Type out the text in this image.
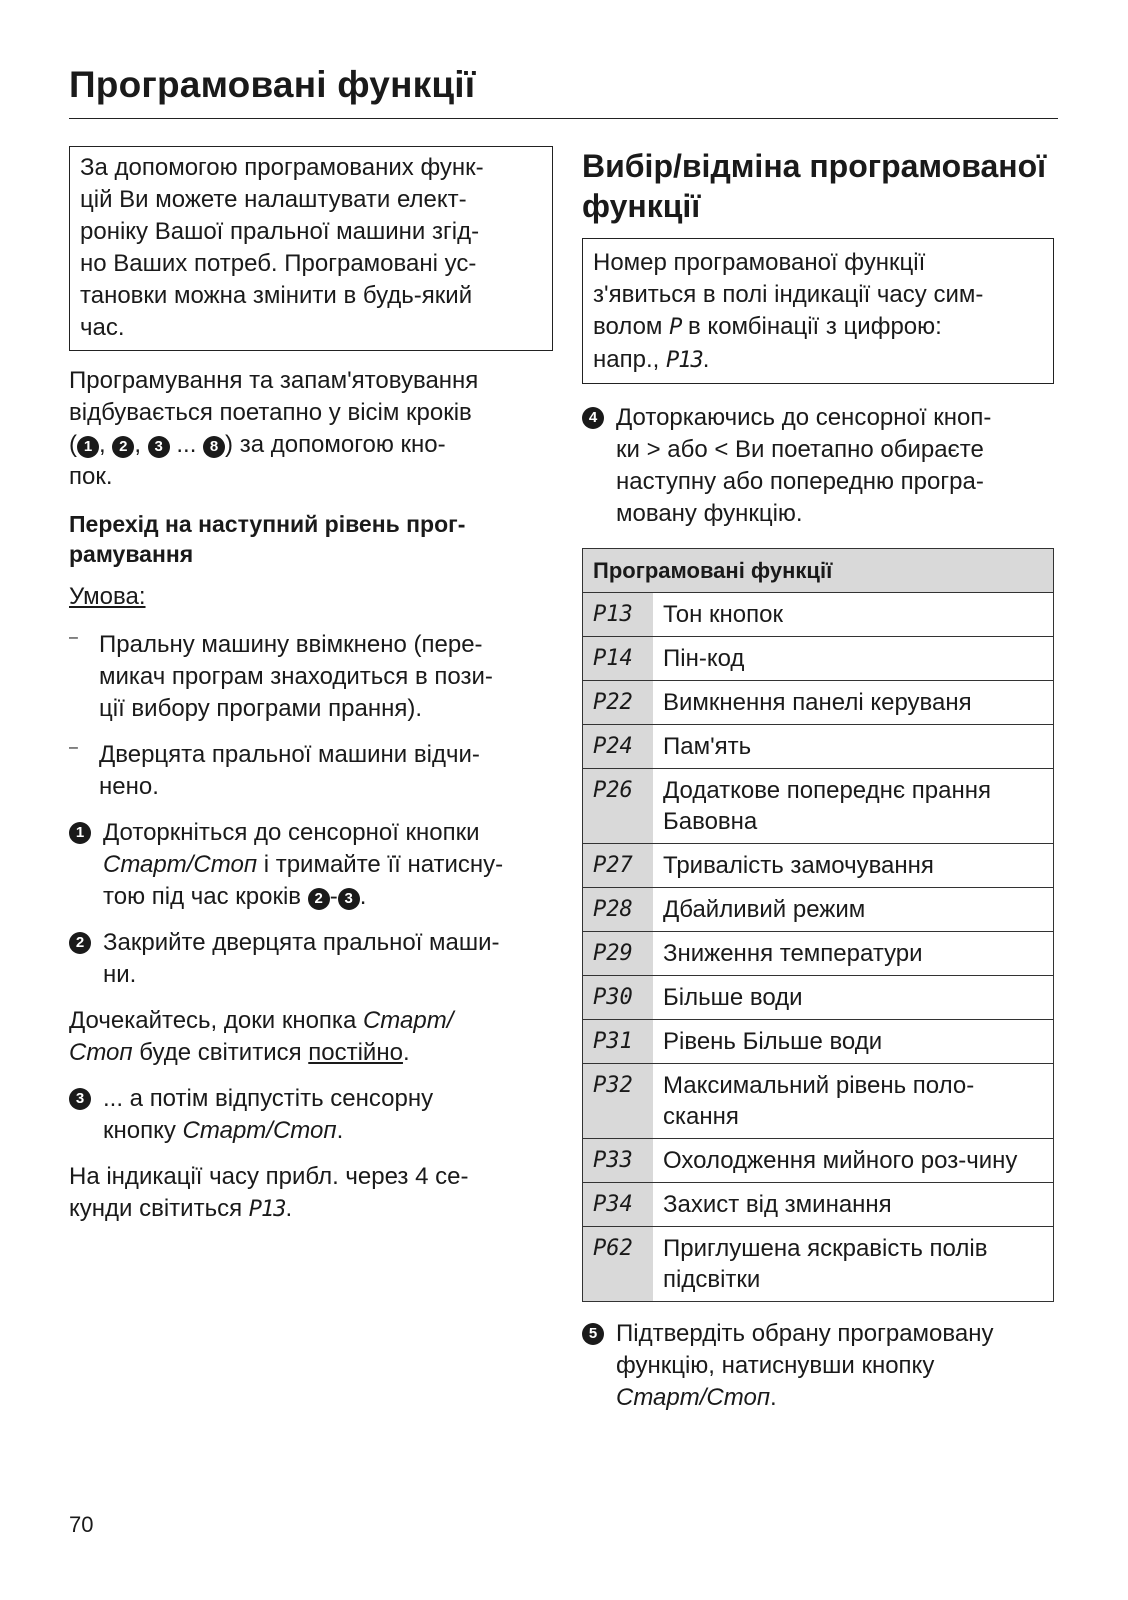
Програмовані функції

За допомогою програмованих функ-

цій Ви можете налаштувати елект-

роніку Вашої пральної машини згід-

но Ваших потреб. Програмовані ус-

тановки можна змінити в будь-який

час.

Програмування та запам'ятовування

відбувається поетапно у вісім кроків

( 1 , 2 , 3 ... 8 ) за допомогою кно-

пок.

Перехід на наступний рівень прог-

рамування

Умова:

– Пральну машину ввімкнено (пере-

микач програм знаходиться в пози-

ції вибору програми прання).

– Дверцята пральної машини відчи-

нено.

1 Доторкніться до сенсорної кнопки

Старт/Стоп і тримайте її натисну-

тою під час кроків 2 - 3 .

2 Закрийте дверцята пральної маши-

ни.

Дочекайтесь, доки кнопка Старт/

Стоп буде світитися постійно.

3 ... а потім відпустіть сенсорну

кнопку Старт/Стоп.

На індикації часу прибл. через 4 се-

кунди світиться P13.

Вибір/відміна програмованої

функції

Номер програмованої функції

з'явиться в полі індикації часу сим-

волом P в комбінації з цифрою:

напр., P13.

4 Доторкаючись до сенсорної кноп-

ки > або < Ви поетапно обираєте

наступну або попередню програ-

мовану функцію.

Програмовані функції	
P13	Тон кнопок
P14	Пін-код
P22	Вимкнення панелі керуваня
P24	Пам'ять
P26	Додаткове попереднє прання Бавовна
P27	Тривалість замочування
P28	Дбайливий режим
P29	Зниження температури
P30	Більше води
P31	Рівень Більше води
P32	Максимальний рівень поло-скання
P33	Охолодження мийного роз-чину
P34	Захист від зминання
P62	Приглушена яскравість полів підсвітки
5 Підтвердіть обрану програмовану

функцію, натиснувши кнопку

Старт/Стоп.

70
